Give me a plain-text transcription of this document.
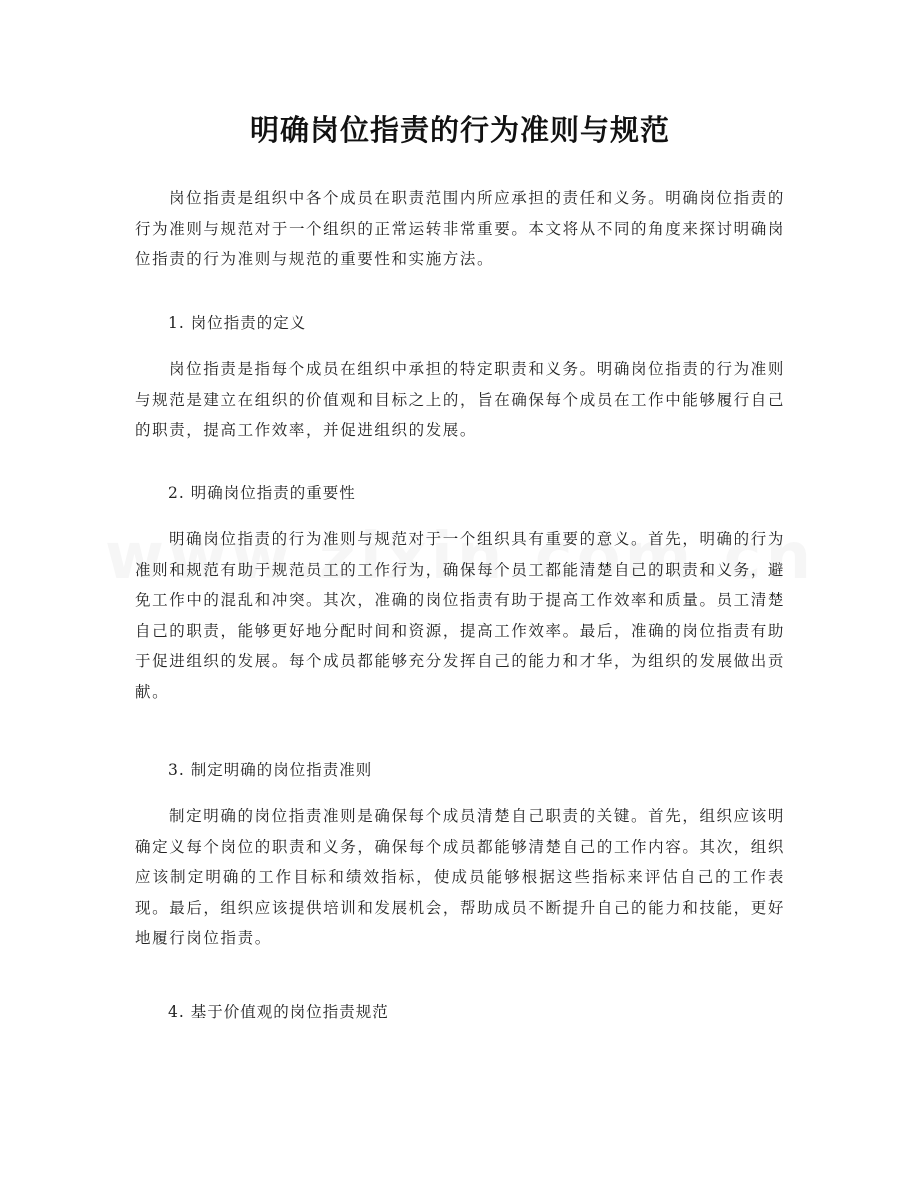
明确岗位指责的行为准则与规范
岗位指责是组织中各个成员在职责范围内所应承担的责任和义务。明确岗位指责的行为准则与规范对于一个组织的正常运转非常重要。本文将从不同的角度来探讨明确岗位指责的行为准则与规范的重要性和实施方法。
1. 岗位指责的定义
岗位指责是指每个成员在组织中承担的特定职责和义务。明确岗位指责的行为准则与规范是建立在组织的价值观和目标之上的，旨在确保每个成员在工作中能够履行自己的职责，提高工作效率，并促进组织的发展。
2. 明确岗位指责的重要性
明确岗位指责的行为准则与规范对于一个组织具有重要的意义。首先，明确的行为准则和规范有助于规范员工的工作行为，确保每个员工都能清楚自己的职责和义务，避免工作中的混乱和冲突。其次，准确的岗位指责有助于提高工作效率和质量。员工清楚自己的职责，能够更好地分配时间和资源，提高工作效率。最后，准确的岗位指责有助于促进组织的发展。每个成员都能够充分发挥自己的能力和才华，为组织的发展做出贡献。
3. 制定明确的岗位指责准则
制定明确的岗位指责准则是确保每个成员清楚自己职责的关键。首先，组织应该明确定义每个岗位的职责和义务，确保每个成员都能够清楚自己的工作内容。其次，组织应该制定明确的工作目标和绩效指标，使成员能够根据这些指标来评估自己的工作表现。最后，组织应该提供培训和发展机会，帮助成员不断提升自己的能力和技能，更好地履行岗位指责。
4. 基于价值观的岗位指责规范
